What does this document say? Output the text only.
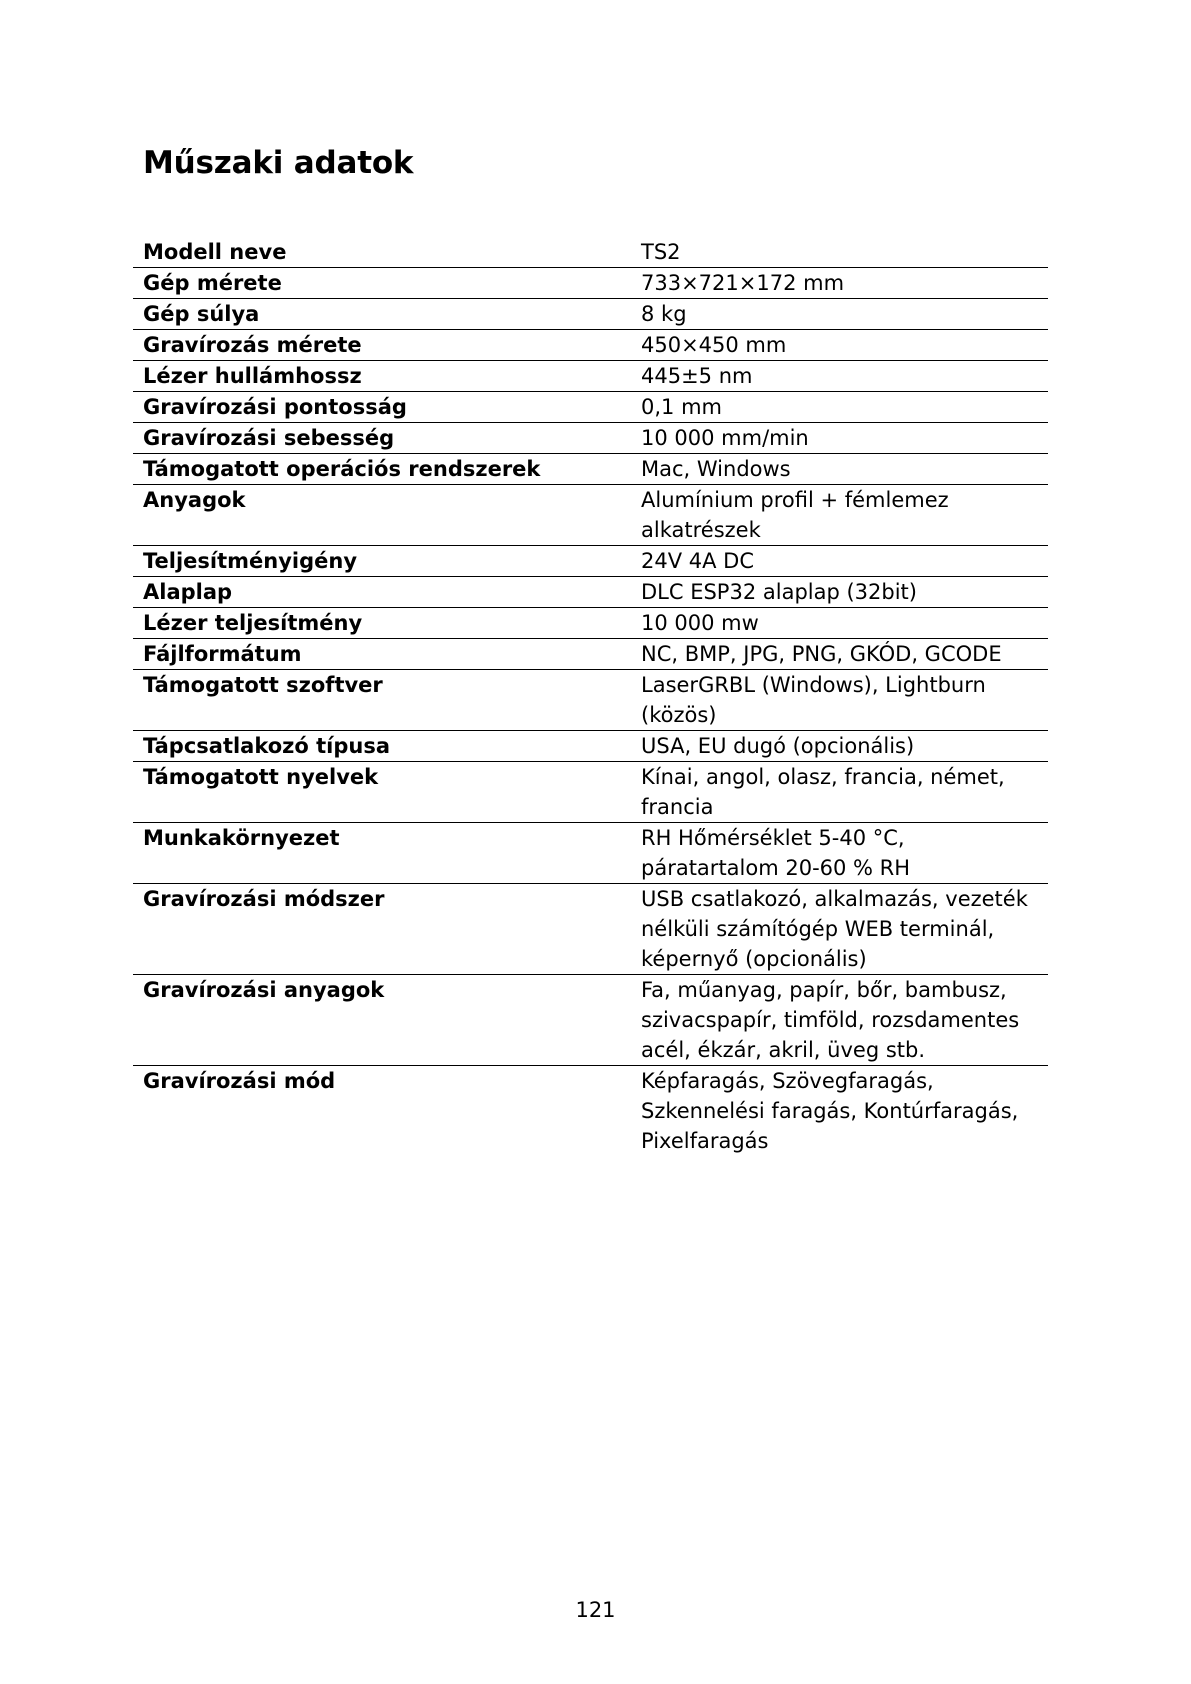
Műszaki adatok
Modell neve	TS2
Gép mérete	733×721×172 mm
Gép súlya	8 kg
Gravírozás mérete	450×450 mm
Lézer hullámhossz	445±5 nm
Gravírozási pontosság	0,1 mm
Gravírozási sebesség	10 000 mm/min
Támogatott operációs rendszerek	Mac, Windows
Anyagok	Alumínium profil + fémlemez alkatrészek
Teljesítményigény	24V 4A DC
Alaplap	DLC ESP32 alaplap (32bit)
Lézer teljesítmény	10 000 mw
Fájlformátum	NC, BMP, JPG, PNG, GKÓD, GCODE
Támogatott szoftver	LaserGRBL (Windows), Lightburn (közös)
Tápcsatlakozó típusa	USA, EU dugó (opcionális)
Támogatott nyelvek	Kínai, angol, olasz, francia, német, francia
Munkakörnyezet	RH Hőmérséklet 5-40 °C, páratartalom 20-60 % RH
Gravírozási módszer	USB csatlakozó, alkalmazás, vezeték nélküli számítógép WEB terminál, képernyő (opcionális)
Gravírozási anyagok	Fa, műanyag, papír, bőr, bambusz, szivacspapír, timföld, rozsdamentes acél, ékzár, akril, üveg stb.
Gravírozási mód	Képfaragás, Szövegfaragás, Szkennelési faragás, Kontúrfaragás, Pixelfaragás
121
